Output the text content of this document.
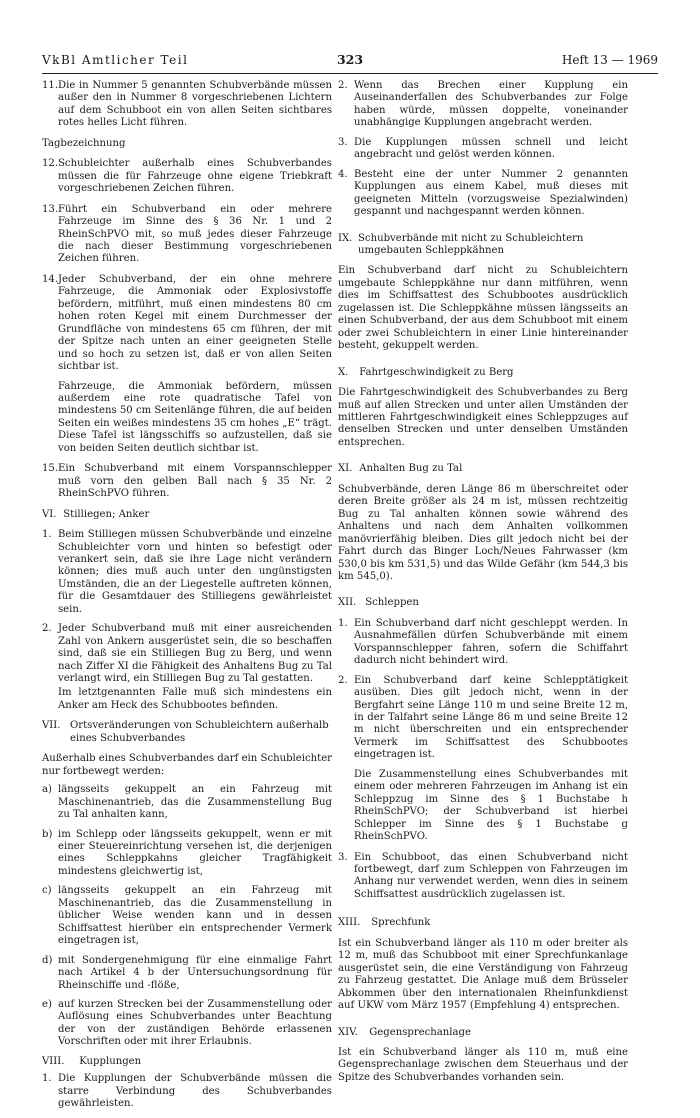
VkBl Amtlicher Teil	323	Heft 13 — 1969
11. Die in Nummer 5 genannten Schubverbände müssen außer den in Nummer 8 vorgeschriebenen Lichtern auf dem Schubboot ein von allen Seiten sichtbares rotes helles Licht führen.

Tagbezeichnung
12. Schubleichter außerhalb eines Schubverbandes müssen die für Fahrzeuge ohne eigene Triebkraft vorgeschriebenen Zeichen führen.

13. Führt ein Schubverband ein oder mehrere Fahrzeuge im Sinne des § 36 Nr. 1 und 2 RheinSchPVO mit, so muß jedes dieser Fahrzeuge die nach dieser Bestimmung vorgeschriebenen Zeichen führen.

14. Jeder Schubverband, der ein ohne mehrere Fahrzeuge, die Ammoniak oder Explosivstoffe befördern, mitführt, muß einen mindestens 80 cm hohen roten Kegel mit einem Durchmesser der Grundfläche von mindestens 65 cm führen, der mit der Spitze nach unten an einer geeigneten Stelle und so hoch zu setzen ist, daß er von allen Seiten sichtbar ist.

Fahrzeuge, die Ammoniak befördern, müssen außerdem eine rote quadratische Tafel von mindestens 50 cm Seitenlänge führen, die auf beiden Seiten ein weißes mindestens 35 cm hohes „E“ trägt. Diese Tafel ist längsschiffs so aufzustellen, daß sie von beiden Seiten deutlich sichtbar ist.

15. Ein Schubverband mit einem Vorspannschlepper muß vorn den gelben Ball nach § 35 Nr. 2 RheinSchPVO führen.

VI. Stilliegen; Anker
1. Beim Stilliegen müssen Schubverbände und einzelne Schubleichter vorn und hinten so befestigt oder verankert sein, daß sie ihre Lage nicht verändern können; dies muß auch unter den ungünstigsten Umständen, die an der Liegestelle auftreten können, für die Gesamtdauer des Stilliegens gewährleistet sein.

2. Jeder Schubverband muß mit einer ausreichenden Zahl von Ankern ausgerüstet sein, die so beschaffen sind, daß sie ein Stilliegen Bug zu Berg, und wenn nach Ziffer XI die Fähigkeit des Anhaltens Bug zu Tal verlangt wird, ein Stilliegen Bug zu Tal gestatten.

Im letztgenannten Falle muß sich mindestens ein Anker am Heck des Schubbootes befinden.

VII. Ortsveränderungen von Schubleichtern außerhalb eines Schubverbandes

Außerhalb eines Schubverbandes darf ein Schubleichter nur fortbewegt werden:

a) längsseits gekuppelt an ein Fahrzeug mit Maschinenantrieb, das die Zusammenstellung Bug zu Tal anhalten kann,

b) im Schlepp oder längsseits gekuppelt, wenn er mit einer Steuereinrichtung versehen ist, die derjenigen eines Schleppkahns gleicher Tragfähigkeit mindestens gleichwertig ist,

c) längsseits gekuppelt an ein Fahrzeug mit Maschinenantrieb, das die Zusammenstellung in üblicher Weise wenden kann und in dessen Schiffsattest hierüber ein entsprechender Vermerk eingetragen ist,

d) mit Sondergenehmigung für eine einmalige Fahrt nach Artikel 4 b der Untersuchungsordnung für Rheinschiffe und -flöße,

e) auf kurzen Strecken bei der Zusammenstellung oder Auflösung eines Schubverbandes unter Beachtung der von der zuständigen Behörde erlassenen Vorschriften oder mit ihrer Erlaubnis.

VIII. Kupplungen
1. Die Kupplungen der Schubverbände müssen die starre Verbindung des Schubverbandes gewährleisten.

2. Wenn das Brechen einer Kupplung ein Auseinanderfallen des Schubverbandes zur Folge haben würde, müssen doppelte, voneinander unabhängige Kupplungen angebracht werden.

3. Die Kupplungen müssen schnell und leicht angebracht und gelöst werden können.

4. Besteht eine der unter Nummer 2 genannten Kupplungen aus einem Kabel, muß dieses mit geeigneten Mitteln (vorzugsweise Spezialwinden) gespannt und nachgespannt werden können.

IX. Schubverbände mit nicht zu Schubleichtern umgebauten Schleppkähnen

Ein Schubverband darf nicht zu Schubleichtern umgebaute Schleppkähne nur dann mitführen, wenn dies im Schiffsattest des Schubbootes ausdrücklich zugelassen ist. Die Schleppkähne müssen längsseits an einen Schubverband, der aus dem Schubboot mit einem oder zwei Schubleichtern in einer Linie hintereinander besteht, gekuppelt werden.

X. Fahrtgeschwindigkeit zu Berg

Die Fahrtgeschwindigkeit des Schubverbandes zu Berg muß auf allen Strecken und unter allen Umständen der mittleren Fahrtgeschwindigkeit eines Schleppzuges auf denselben Strecken und unter denselben Umständen entsprechen.

XI. Anhalten Bug zu Tal

Schubverbände, deren Länge 86 m überschreitet oder deren Breite größer als 24 m ist, müssen rechtzeitig Bug zu Tal anhalten können sowie während des Anhaltens und nach dem Anhalten vollkommen manövrierfähig bleiben. Dies gilt jedoch nicht bei der Fahrt durch das Binger Loch/Neues Fahrwasser (km 530,0 bis km 531,5) und das Wilde Gefähr (km 544,3 bis km 545,0).

XII. Schleppen
1. Ein Schubverband darf nicht geschleppt werden. In Ausnahmefällen dürfen Schubverbände mit einem Vorspannschlepper fahren, sofern die Schiffahrt dadurch nicht behindert wird.

2. Ein Schubverband darf keine Schlepptätigkeit ausüben. Dies gilt jedoch nicht, wenn in der Bergfahrt seine Länge 110 m und seine Breite 12 m, in der Talfahrt seine Länge 86 m und seine Breite 12 m nicht überschreiten und ein entsprechender Vermerk im Schiffsattest des Schubbootes eingetragen ist.

Die Zusammenstellung eines Schubverbandes mit einem oder mehreren Fahrzeugen im Anhang ist ein Schleppzug im Sinne des § 1 Buchstabe h RheinSchPVO; der Schubverband ist hierbei Schlepper im Sinne des § 1 Buchstabe g RheinSchPVO.

3. Ein Schubboot, das einen Schubverband nicht fortbewegt, darf zum Schleppen von Fahrzeugen im Anhang nur verwendet werden, wenn dies in seinem Schiffsattest ausdrücklich zugelassen ist.

XIII. Sprechfunk

Ist ein Schubverband länger als 110 m oder breiter als 12 m, muß das Schubboot mit einer Sprechfunkanlage ausgerüstet sein, die eine Verständigung von Fahrzeug zu Fahrzeug gestattet. Die Anlage muß dem Brüsseler Abkommen über den internationalen Rheinfunkdienst auf UKW vom März 1957 (Empfehlung 4) entsprechen.

XIV. Gegensprechanlage

Ist ein Schubverband länger als 110 m, muß eine Gegensprechanlage zwischen dem Steuerhaus und der Spitze des Schubverbandes vorhanden sein.
